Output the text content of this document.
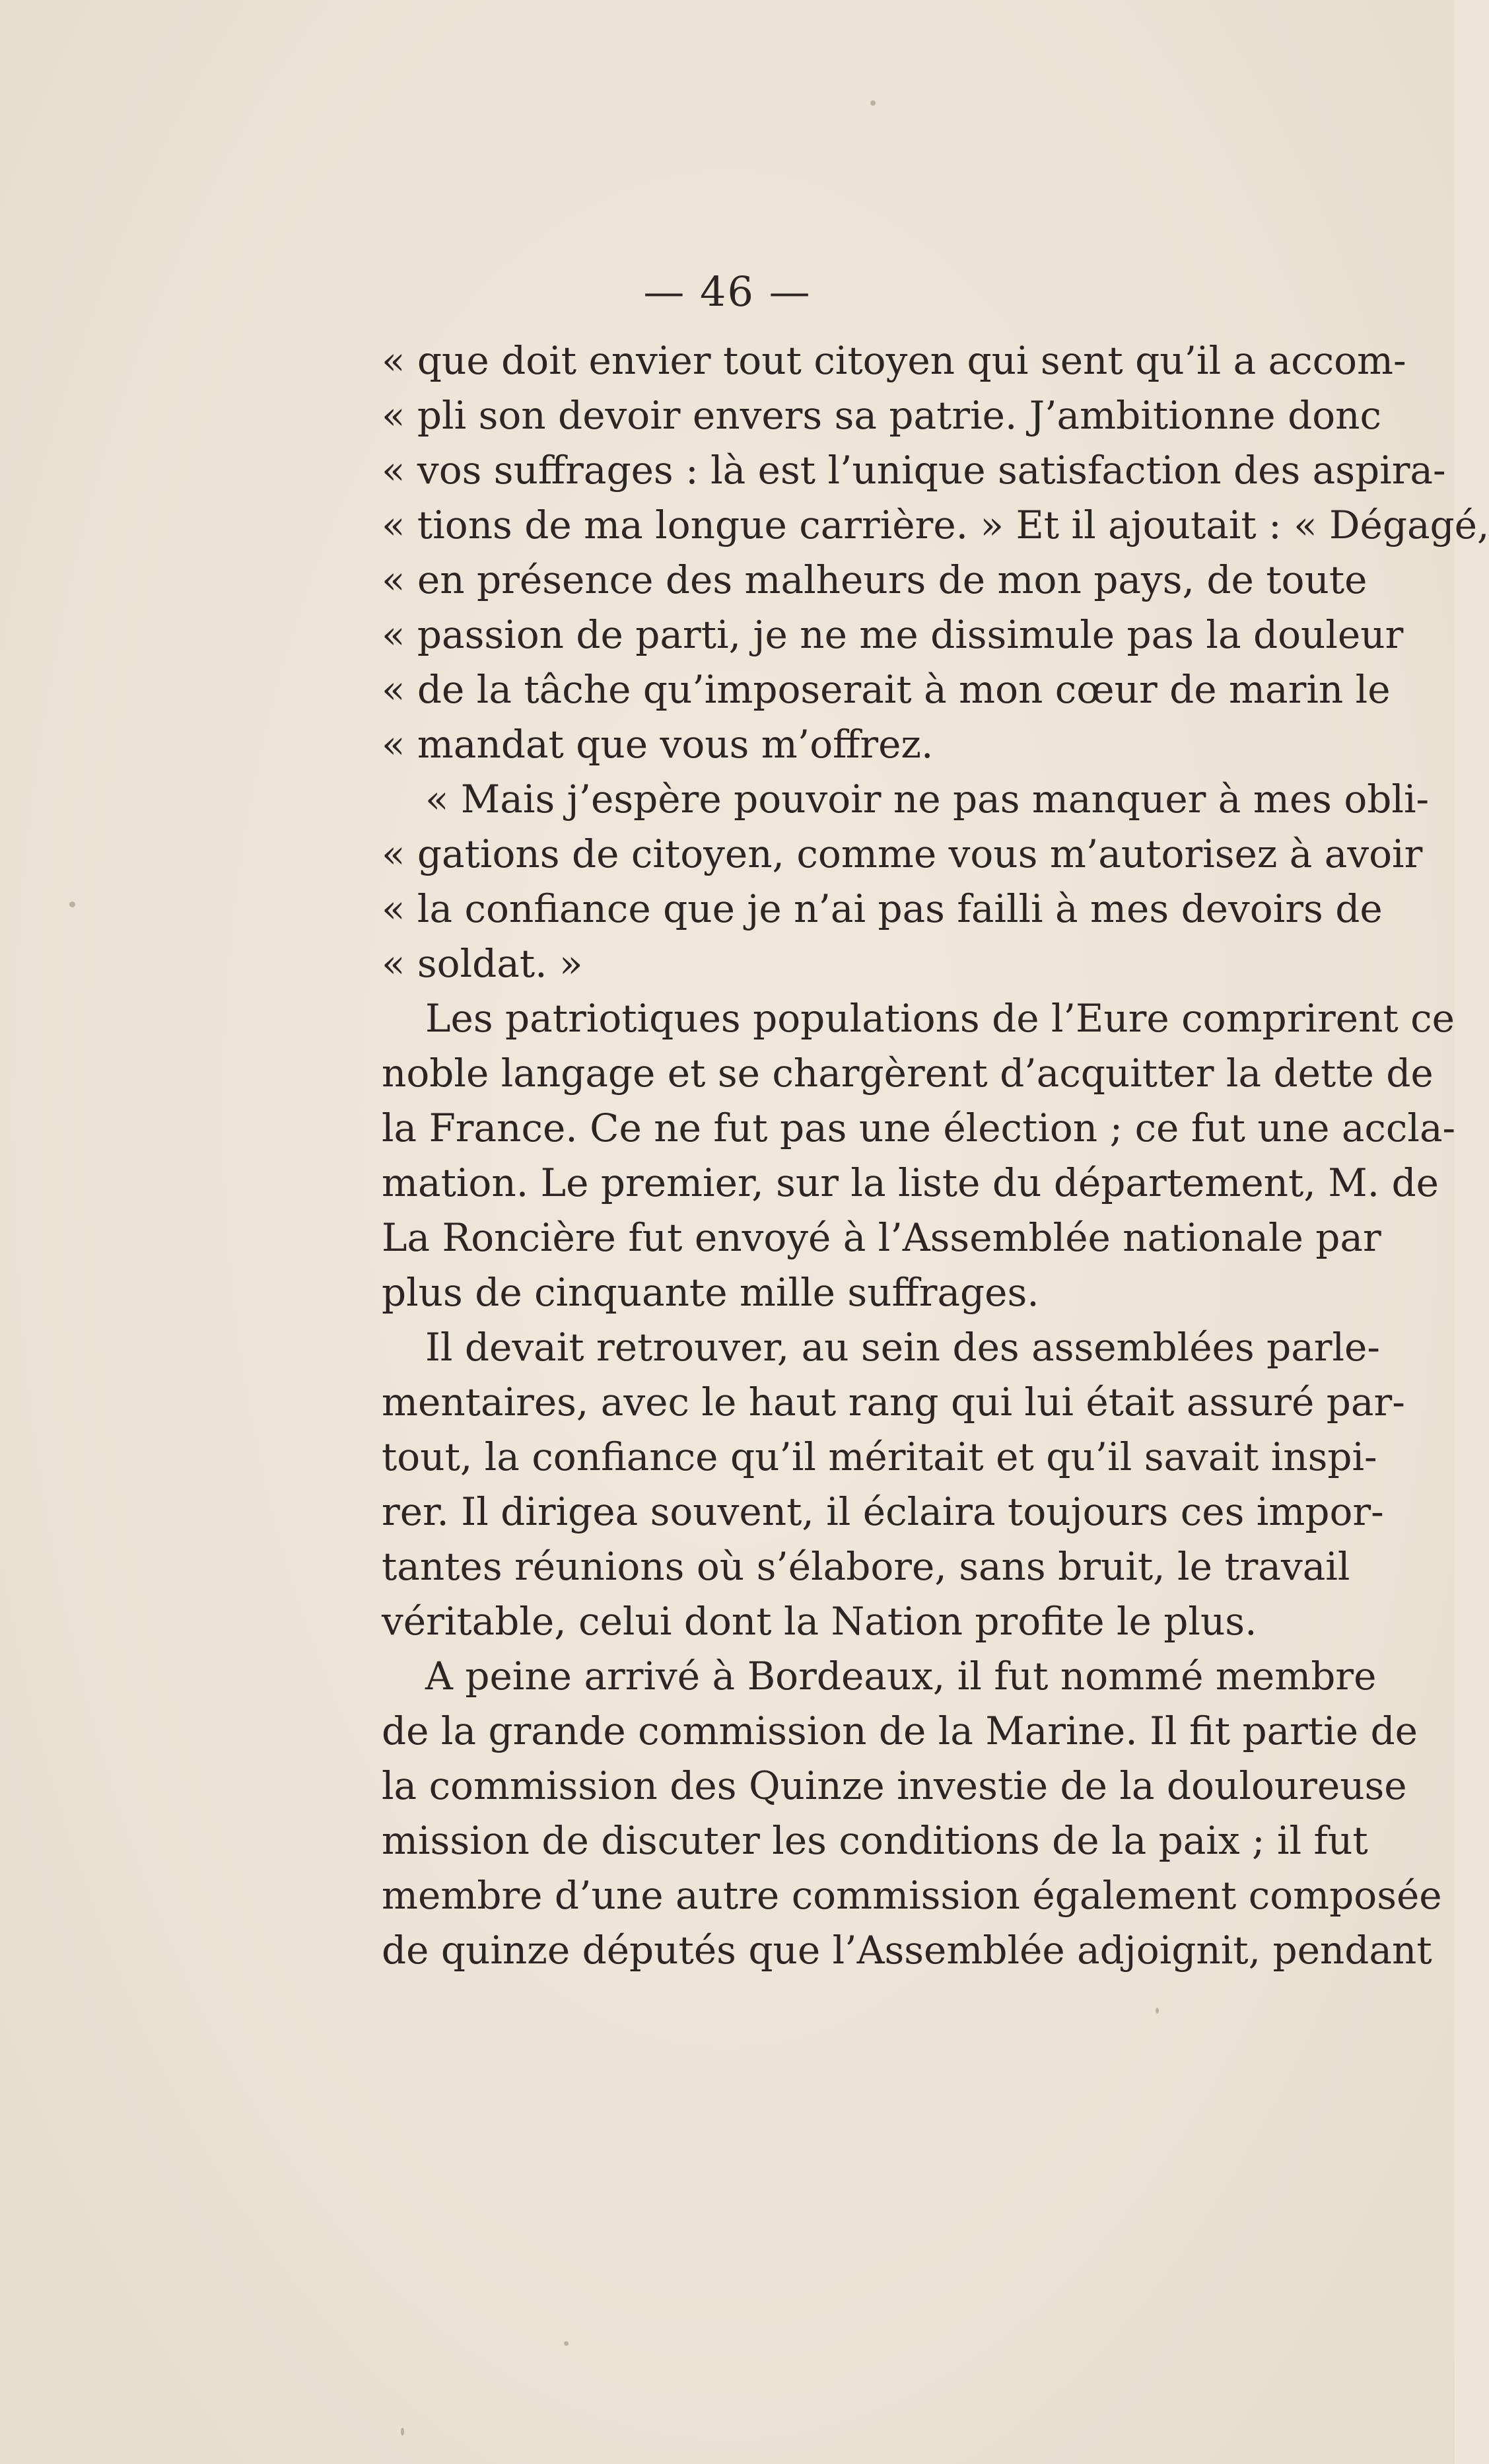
— 46 —
« que doit envier tout citoyen qui sent qu’il a accom-
« pli son devoir envers sa patrie. J’ambitionne donc
« vos suffrages : là est l’unique satisfaction des aspira-
« tions de ma longue carrière. » Et il ajoutait : « Dégagé,
« en présence des malheurs de mon pays, de toute
« passion de parti, je ne me dissimule pas la douleur
« de la tâche qu’imposerait à mon cœur de marin le
« mandat que vous m’offrez.
« Mais j’espère pouvoir ne pas manquer à mes obli-
« gations de citoyen, comme vous m’autorisez à avoir
« la confiance que je n’ai pas failli à mes devoirs de
« soldat. »
Les patriotiques populations de l’Eure comprirent ce
noble langage et se chargèrent d’acquitter la dette de
la France. Ce ne fut pas une élection ; ce fut une accla-
mation. Le premier, sur la liste du département, M. de
La Roncière fut envoyé à l’Assemblée nationale par
plus de cinquante mille suffrages.
Il devait retrouver, au sein des assemblées parle-
mentaires, avec le haut rang qui lui était assuré par-
tout, la confiance qu’il méritait et qu’il savait inspi-
rer. Il dirigea souvent, il éclaira toujours ces impor-
tantes réunions où s’élabore, sans bruit, le travail
véritable, celui dont la Nation profite le plus.
A peine arrivé à Bordeaux, il fut nommé membre
de la grande commission de la Marine. Il fit partie de
la commission des Quinze investie de la douloureuse
mission de discuter les conditions de la paix ; il fut
membre d’une autre commission également composée
de quinze députés que l’Assemblée adjoignit, pendant
